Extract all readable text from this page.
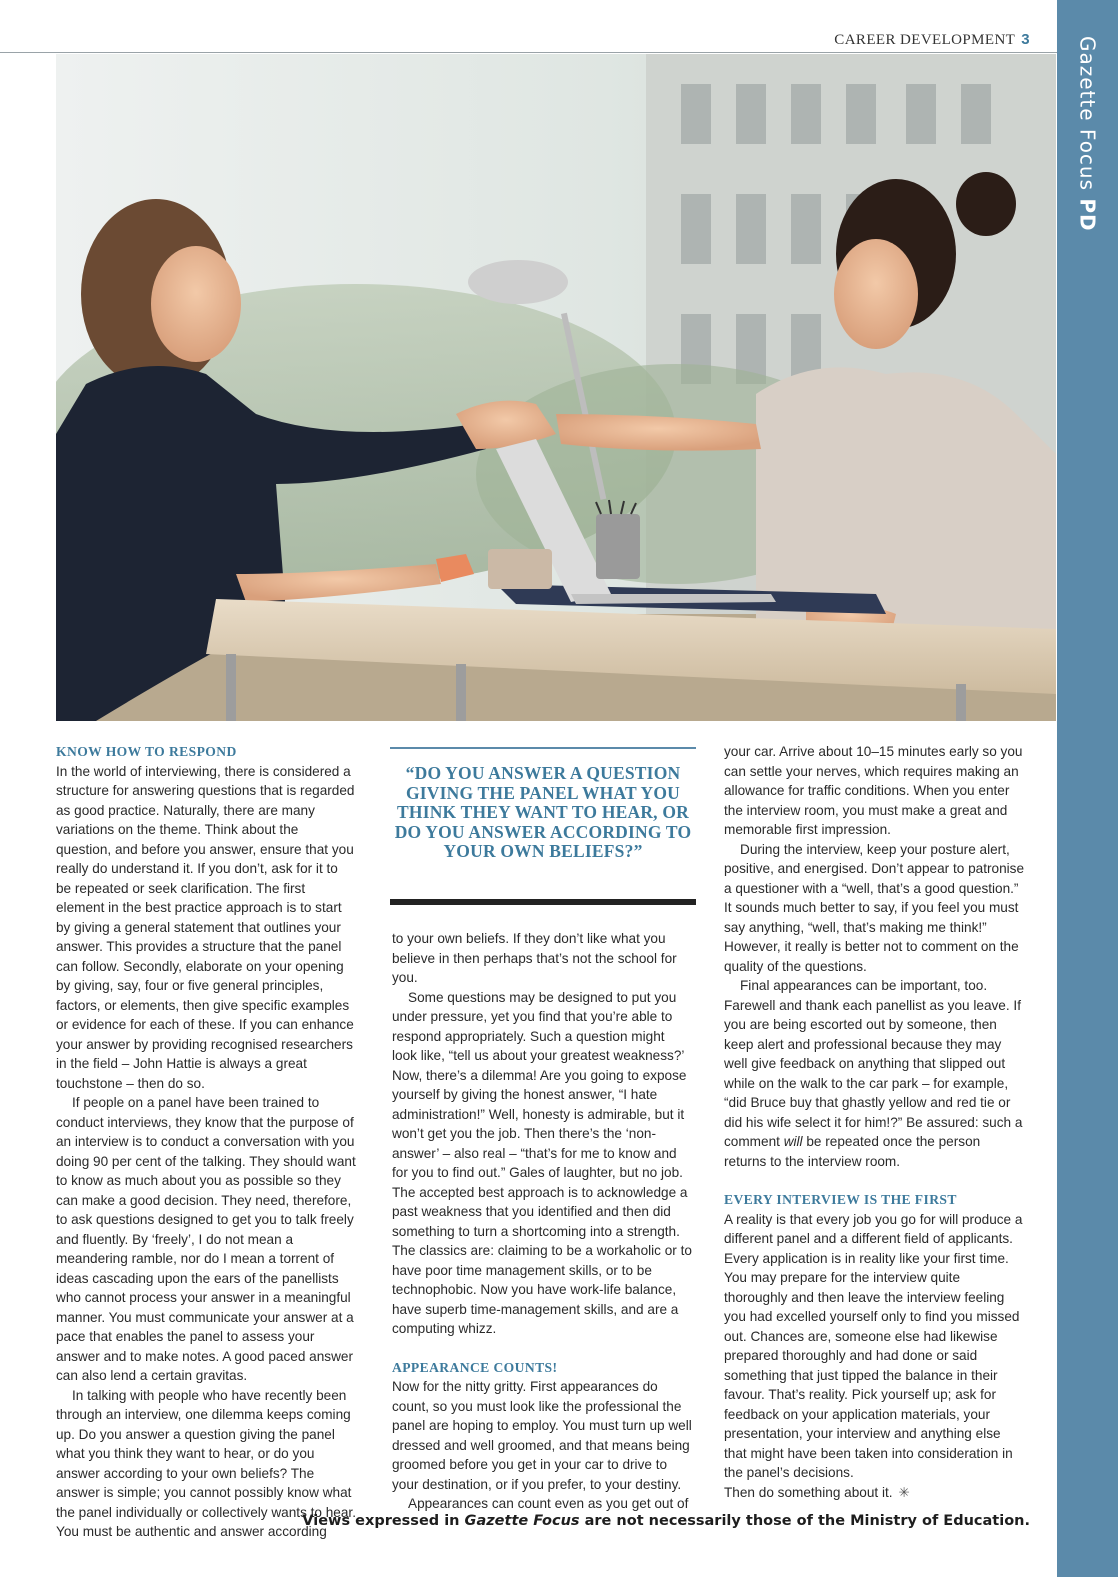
CAREER DEVELOPMENT 3 Gazette Focus PD
KNOW HOW TO RESPOND

In the world of interviewing, there is considered a structure for answering questions that is regarded as good practice. Naturally, there are many variations on the theme. Think about the question, and before you answer, ensure that you really do understand it. If you don’t, ask for it to be repeated or seek clarification. The first element in the best practice approach is to start by giving a general statement that outlines your answer. This provides a structure that the panel can follow. Secondly, elaborate on your opening by giving, say, four or five general principles, factors, or elements, then give specific examples or evidence for each of these. If you can enhance your answer by providing recognised researchers in the field – John Hattie is always a great touchstone – then do so.

If people on a panel have been trained to conduct interviews, they know that the purpose of an interview is to conduct a conversation with you doing 90 per cent of the talking. They should want to know as much about you as possible so they can make a good decision. They need, therefore, to ask questions designed to get you to talk freely and fluently. By ‘freely’, I do not mean a meandering ramble, nor do I mean a torrent of ideas cascading upon the ears of the panellists who cannot process your answer in a meaningful manner. You must communicate your answer at a pace that enables the panel to assess your answer and to make notes. A good paced answer can also lend a certain gravitas.

In talking with people who have recently been through an interview, one dilemma keeps coming up. Do you answer a question giving the panel what you think they want to hear, or do you answer according to your own beliefs? The answer is simple; you cannot possibly know what the panel individually or collectively wants to hear. You must be authentic and answer according

“DO YOU ANSWER A QUESTION GIVING THE PANEL WHAT YOU THINK THEY WANT TO HEAR, OR DO YOU ANSWER ACCORDING TO YOUR OWN BELIEFS?”

to your own beliefs. If they don’t like what you believe in then perhaps that’s not the school for you.

Some questions may be designed to put you under pressure, yet you find that you’re able to respond appropriately. Such a question might look like, “tell us about your greatest weakness?’ Now, there’s a dilemma! Are you going to expose yourself by giving the honest answer, “I hate administration!” Well, honesty is admirable, but it won’t get you the job. Then there’s the ‘non-answer’ – also real – “that’s for me to know and for you to find out.” Gales of laughter, but no job. The accepted best approach is to acknowledge a past weakness that you identified and then did something to turn a shortcoming into a strength. The classics are: claiming to be a workaholic or to have poor time management skills, or to be technophobic. Now you have work-life balance, have superb time-management skills, and are a computing whizz.

APPEARANCE COUNTS!

Now for the nitty gritty. First appearances do count, so you must look like the professional the panel are hoping to employ. You must turn up well dressed and well groomed, and that means being groomed before you get in your car to drive to your destination, or if you prefer, to your destiny.

Appearances can count even as you get out of

your car. Arrive about 10–15 minutes early so you can settle your nerves, which requires making an allowance for traffic conditions. When you enter the interview room, you must make a great and memorable first impression.

During the interview, keep your posture alert, positive, and energised. Don’t appear to patronise a questioner with a “well, that’s a good question.” It sounds much better to say, if you feel you must say anything, “well, that’s making me think!” However, it really is better not to comment on the quality of the questions.

Final appearances can be important, too. Farewell and thank each panellist as you leave. If you are being escorted out by someone, then keep alert and professional because they may well give feedback on anything that slipped out while on the walk to the car park – for example, “did Bruce buy that ghastly yellow and red tie or did his wife select it for him!?” Be assured: such a comment will be repeated once the person returns to the interview room.

EVERY INTERVIEW IS THE FIRST

A reality is that every job you go for will produce a different panel and a different field of applicants. Every application is in reality like your first time. You may prepare for the interview quite thoroughly and then leave the interview feeling you had excelled yourself only to find you missed out. Chances are, someone else had likewise prepared thoroughly and had done or said something that just tipped the balance in their favour. That’s reality. Pick yourself up; ask for feedback on your application materials, your presentation, your interview and anything else that might have been taken into consideration in the panel’s decisions.

Then do something about it. ✳

Views expressed in Gazette Focus are not necessarily those of the Ministry of Education.
